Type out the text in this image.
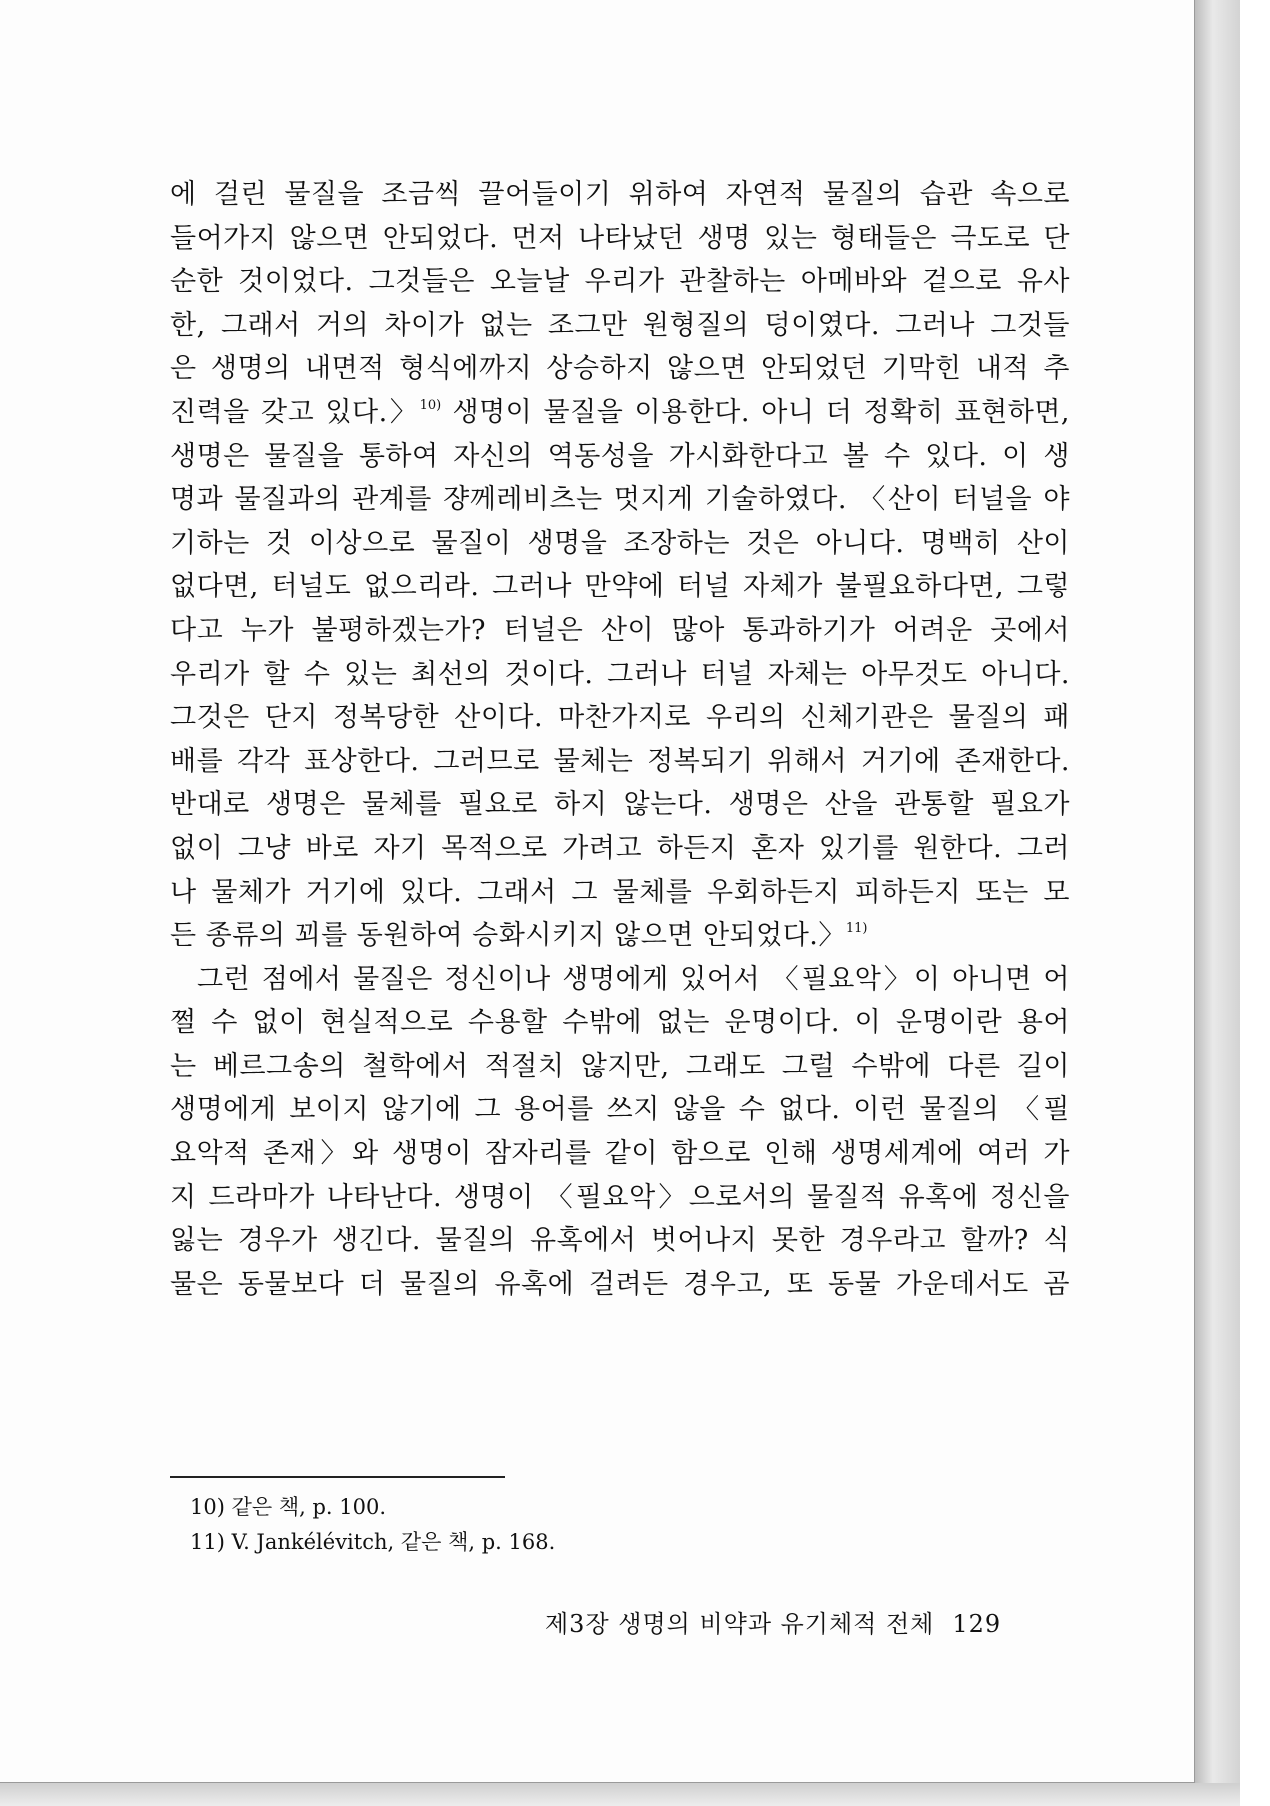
에 걸린 물질을 조금씩 끌어들이기 위하여 자연적 물질의 습관 속으로
들어가지 않으면 안되었다. 먼저 나타났던 생명 있는 형태들은 극도로 단
순한 것이었다. 그것들은 오늘날 우리가 관찰하는 아메바와 겉으로 유사
한, 그래서 거의 차이가 없는 조그만 원형질의 덩이였다. 그러나 그것들
은 생명의 내면적 형식에까지 상승하지 않으면 안되었던 기막힌 내적 추
진력을 갖고 있다.〉$^{10)}$ 생명이 물질을 이용한다. 아니 더 정확히 표현하면,
생명은 물질을 통하여 자신의 역동성을 가시화한다고 볼 수 있다. 이 생
명과 물질과의 관계를 쟝께레비츠는 멋지게 기술하였다. 〈산이 터널을 야
기하는 것 이상으로 물질이 생명을 조장하는 것은 아니다. 명백히 산이
없다면, 터널도 없으리라. 그러나 만약에 터널 자체가 불필요하다면, 그렇
다고 누가 불평하겠는가? 터널은 산이 많아 통과하기가 어려운 곳에서
우리가 할 수 있는 최선의 것이다. 그러나 터널 자체는 아무것도 아니다.
그것은 단지 정복당한 산이다. 마찬가지로 우리의 신체기관은 물질의 패
배를 각각 표상한다. 그러므로 물체는 정복되기 위해서 거기에 존재한다.
반대로 생명은 물체를 필요로 하지 않는다. 생명은 산을 관통할 필요가
없이 그냥 바로 자기 목적으로 가려고 하든지 혼자 있기를 원한다. 그러
나 물체가 거기에 있다. 그래서 그 물체를 우회하든지 피하든지 또는 모
든 종류의 꾀를 동원하여 승화시키지 않으면 안되었다.〉$^{11)}$
그런 점에서 물질은 정신이나 생명에게 있어서 〈필요악〉이 아니면 어
쩔 수 없이 현실적으로 수용할 수밖에 없는 운명이다. 이 운명이란 용어
는 베르그송의 철학에서 적절치 않지만, 그래도 그럴 수밖에 다른 길이
생명에게 보이지 않기에 그 용어를 쓰지 않을 수 없다. 이런 물질의 〈필
요악적 존재〉와 생명이 잠자리를 같이 함으로 인해 생명세계에 여러 가
지 드라마가 나타난다. 생명이 〈필요악〉으로서의 물질적 유혹에 정신을
잃는 경우가 생긴다. 물질의 유혹에서 벗어나지 못한 경우라고 할까? 식
물은 동물보다 더 물질의 유혹에 걸려든 경우고, 또 동물 가운데서도 곰
10) 같은 책, p. 100.
11) V. Jankélévitch, 같은 책, p. 168.
제3장 생명의 비약과 유기체적 전체 129
